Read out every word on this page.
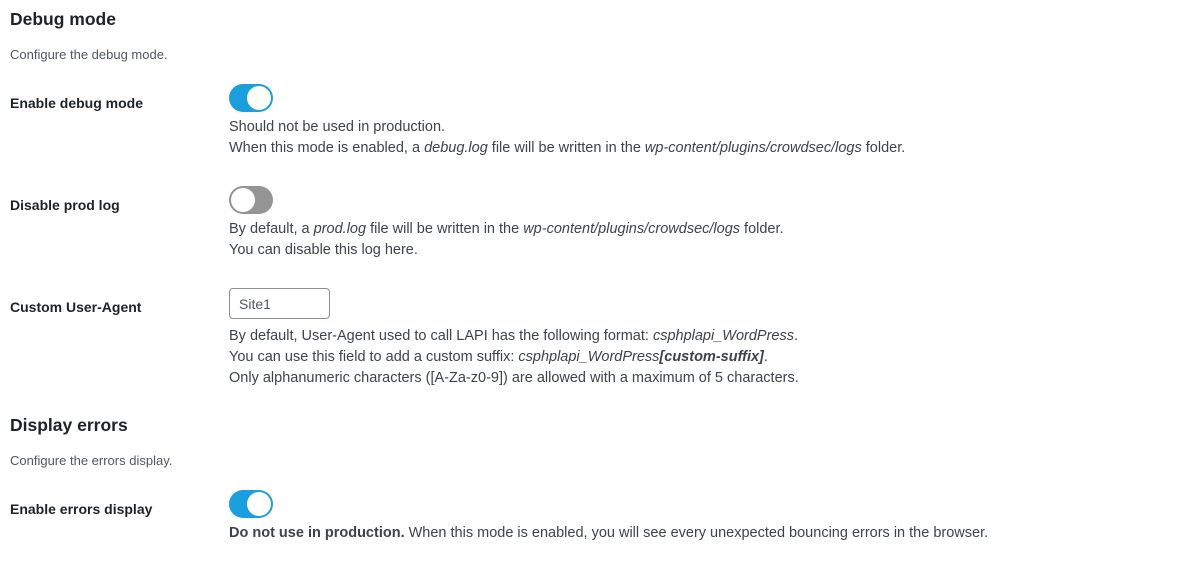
Debug mode

Configure the debug mode.

Enable debug mode

Should not be used in production.

When this mode is enabled, a debug.log file will be written in the wp-content/plugins/crowdsec/logs folder.

Disable prod log

By default, a prod.log file will be written in the wp-content/plugins/crowdsec/logs folder.

You can disable this log here.

Custom User-Agent
Site1

By default, User-Agent used to call LAPI has the following format: csphplapi_WordPress.

You can use this field to add a custom suffix: csphplapi_WordPress[custom-suffix].

Only alphanumeric characters ([A-Za-z0-9]) are allowed with a maximum of 5 characters.

Display errors

Configure the errors display.

Enable errors display

Do not use in production. When this mode is enabled, you will see every unexpected bouncing errors in the browser.
